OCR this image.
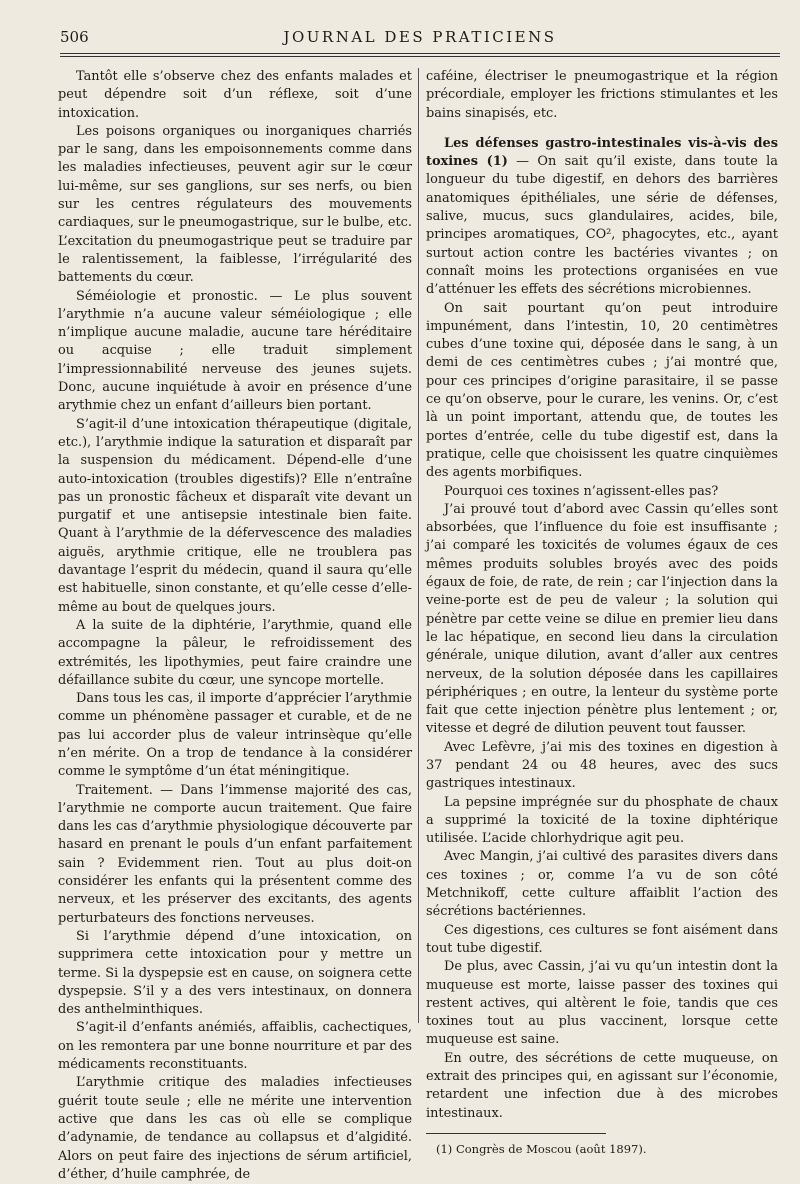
506	JOURNAL DES PRATICIENS

Tantôt elle s’observe chez des enfants malades et peut dépendre soit d’un réflexe, soit d’une intoxication.

Les poisons organiques ou inorganiques charriés par le sang, dans les empoisonnements comme dans les maladies infectieuses, peuvent agir sur le cœur lui-même, sur ses ganglions, sur ses nerfs, ou bien sur les centres régulateurs des mouvements cardiaques, sur le pneumogastrique, sur le bulbe, etc. L’excitation du pneumogastrique peut se traduire par le ralentissement, la faiblesse, l’irrégularité des battements du cœur.

Séméiologie et pronostic. — Le plus souvent l’arythmie n’a aucune valeur séméiologique ; elle n’implique aucune maladie, aucune tare héréditaire ou acquise ; elle traduit simplement l’impressionnabilité nerveuse des jeunes sujets. Donc, aucune inquiétude à avoir en présence d’une arythmie chez un enfant d’ailleurs bien portant.

S’agit-il d’une intoxication thérapeutique (digitale, etc.), l’arythmie indique la saturation et disparaît par la suspension du médicament. Dépend-elle d’une auto-intoxication (troubles digestifs)? Elle n’entraîne pas un pronostic fâcheux et disparaît vite devant un purgatif et une antisepsie intestinale bien faite. Quant à l’arythmie de la défervescence des maladies aiguës, arythmie critique, elle ne troublera pas davantage l’esprit du médecin, quand il saura qu’elle est habituelle, sinon constante, et qu’elle cesse d’elle-même au bout de quelques jours.

A la suite de la diphtérie, l’arythmie, quand elle accompagne la pâleur, le refroidissement des extrémités, les lipothymies, peut faire craindre une défaillance subite du cœur, une syncope mortelle.

Dans tous les cas, il importe d’apprécier l’arythmie comme un phénomène passager et curable, et de ne pas lui accorder plus de valeur intrinsèque qu’elle n’en mérite. On a trop de tendance à la considérer comme le symptôme d’un état méningitique.

Traitement. — Dans l’immense majorité des cas, l’arythmie ne comporte aucun traitement. Que faire dans les cas d’arythmie physiologique découverte par hasard en prenant le pouls d’un enfant parfaitement sain ? Evidemment rien. Tout au plus doit-on considérer les enfants qui la présentent comme des nerveux, et les préserver des excitants, des agents perturbateurs des fonctions nerveuses.

Si l’arythmie dépend d’une intoxication, on supprimera cette intoxication pour y mettre un terme. Si la dyspepsie est en cause, on soignera cette dyspepsie. S’il y a des vers intestinaux, on donnera des anthelminthiques.

S’agit-il d’enfants anémiés, affaiblis, cachectiques, on les remontera par une bonne nourriture et par des médicaments reconstituants.

L’arythmie critique des maladies infectieuses guérit toute seule ; elle ne mérite une intervention active que dans les cas où elle se complique d’adynamie, de tendance au collapsus et d’algidité. Alors on peut faire des injections de sérum artificiel, d’éther, d’huile camphrée, de

caféine, électriser le pneumogastrique et la région précordiale, employer les frictions stimulantes et les bains sinapisés, etc.

Les défenses gastro-intestinales vis-à-vis des toxines (1) — On sait qu’il existe, dans toute la longueur du tube digestif, en dehors des barrières anatomiques épithéliales, une série de défenses, salive, mucus, sucs glandulaires, acides, bile, principes aromatiques, CO², phagocytes, etc., ayant surtout action contre les bactéries vivantes ; on connaît moins les protections organisées en vue d’atténuer les effets des sécrétions microbiennes.

On sait pourtant qu’on peut introduire impunément, dans l’intestin, 10, 20 centimètres cubes d’une toxine qui, déposée dans le sang, à un demi de ces centimètres cubes ; j’ai montré que, pour ces principes d’origine parasitaire, il se passe ce qu’on observe, pour le curare, les venins. Or, c’est là un point important, attendu que, de toutes les portes d’entrée, celle du tube digestif est, dans la pratique, celle que choisissent les quatre cinquièmes des agents morbifiques.

Pourquoi ces toxines n’agissent-elles pas?

J’ai prouvé tout d’abord avec Cassin qu’elles sont absorbées, que l’influence du foie est insuffisante ; j’ai comparé les toxicités de volumes égaux de ces mêmes produits solubles broyés avec des poids égaux de foie, de rate, de rein ; car l’injection dans la veine-porte est de peu de valeur ; la solution qui pénètre par cette veine se dilue en premier lieu dans le lac hépatique, en second lieu dans la circulation générale, unique dilution, avant d’aller aux centres nerveux, de la solution déposée dans les capillaires périphériques ; en outre, la lenteur du système porte fait que cette injection pénètre plus lentement ; or, vitesse et degré de dilution peuvent tout fausser.

Avec Lefèvre, j’ai mis des toxines en digestion à 37 pendant 24 ou 48 heures, avec des sucs gastriques intestinaux.

La pepsine imprégnée sur du phosphate de chaux a supprimé la toxicité de la toxine diphtérique utilisée. L’acide chlorhydrique agit peu.

Avec Mangin, j’ai cultivé des parasites divers dans ces toxines ; or, comme l’a vu de son côté Metchnikoff, cette culture affaiblit l’action des sécrétions bactériennes.

Ces digestions, ces cultures se font aisément dans tout tube digestif.

De plus, avec Cassin, j’ai vu qu’un intestin dont la muqueuse est morte, laisse passer des toxines qui restent actives, qui altèrent le foie, tandis que ces toxines tout au plus vaccinent, lorsque cette muqueuse est saine.

En outre, des sécrétions de cette muqueuse, on extrait des principes qui, en agissant sur l’économie, retardent une infection due à des microbes intestinaux.

(1) Congrès de Moscou (août 1897).
